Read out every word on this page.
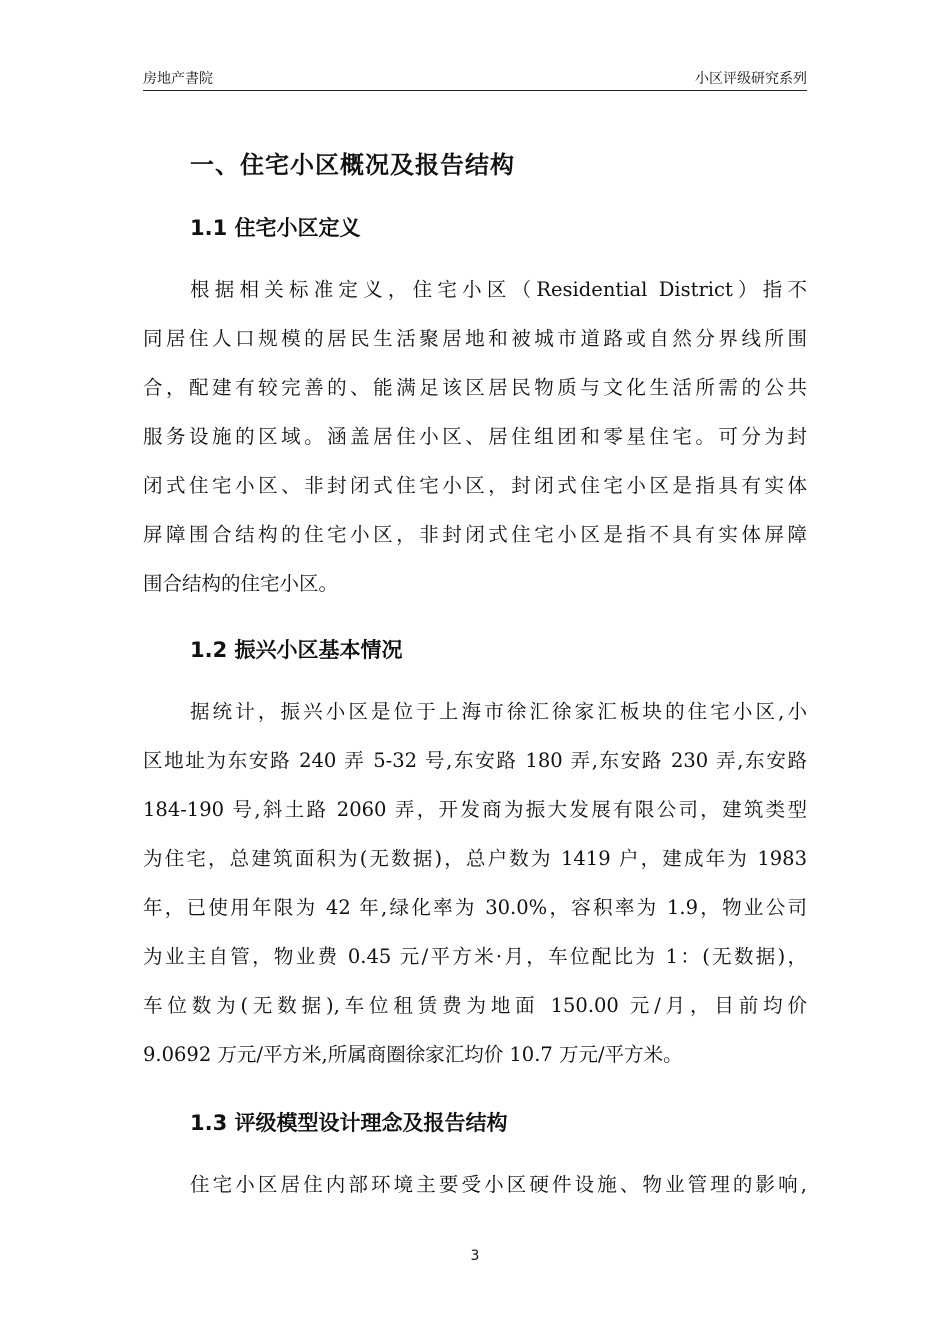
房地产書院	小区评级研究系列
一、住宅小区概况及报告结构
1.1 住宅小区定义
根据相关标准定义，住宅小区（Residential District）指不
同居住人口规模的居民生活聚居地和被城市道路或自然分界线所围
合，配建有较完善的、能满足该区居民物质与文化生活所需的公共
服务设施的区域。涵盖居住小区、居住组团和零星住宅。可分为封
闭式住宅小区、非封闭式住宅小区，封闭式住宅小区是指具有实体
屏障围合结构的住宅小区，非封闭式住宅小区是指不具有实体屏障
围合结构的住宅小区。
1.2 振兴小区基本情况
据统计，振兴小区是位于上海市徐汇徐家汇板块的住宅小区,小
区地址为东安路 240 弄 5-32 号,东安路 180 弄,东安路 230 弄,东安路
184-190 号,斜土路 2060 弄，开发商为振大发展有限公司，建筑类型
为住宅，总建筑面积为(无数据)，总户数为 1419 户，建成年为 1983
年，已使用年限为 42 年,绿化率为 30.0%，容积率为 1.9，物业公司
为业主自管，物业费 0.45 元/平方米·月，车位配比为 1：(无数据)，
车位数为(无数据),车位租赁费为地面 150.00 元/月，目前均价
9.0692 万元/平方米,所属商圈徐家汇均价 10.7 万元/平方米。
1.3 评级模型设计理念及报告结构
住宅小区居住内部环境主要受小区硬件设施、物业管理的影响,
3
